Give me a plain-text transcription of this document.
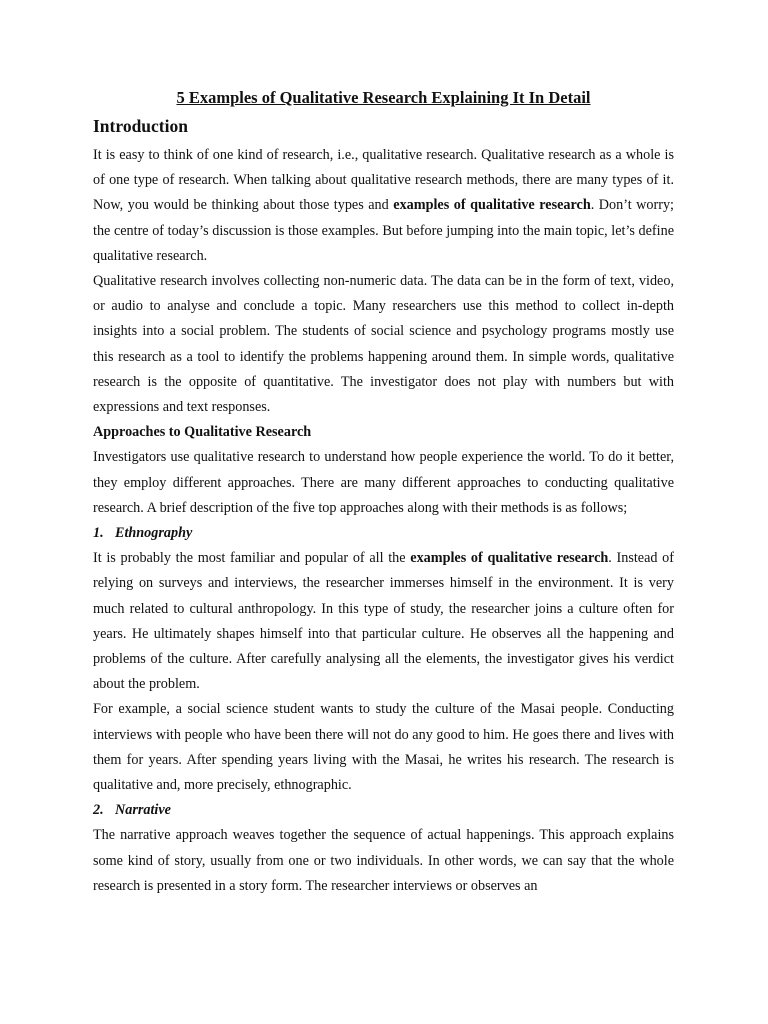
5 Examples of Qualitative Research Explaining It In Detail
Introduction

It is easy to think of one kind of research, i.e., qualitative research. Qualitative research as a whole is of one type of research. When talking about qualitative research methods, there are many types of it. Now, you would be thinking about those types and examples of qualitative research. Don’t worry; the centre of today’s discussion is those examples. But before jumping into the main topic, let’s define qualitative research.

Qualitative research involves collecting non-numeric data. The data can be in the form of text, video, or audio to analyse and conclude a topic. Many researchers use this method to collect in-depth insights into a social problem. The students of social science and psychology programs mostly use this research as a tool to identify the problems happening around them. In simple words, qualitative research is the opposite of quantitative. The investigator does not play with numbers but with expressions and text responses.

Approaches to Qualitative Research

Investigators use qualitative research to understand how people experience the world. To do it better, they employ different approaches. There are many different approaches to conducting qualitative research. A brief description of the five top approaches along with their methods is as follows;

1. Ethnography

It is probably the most familiar and popular of all the examples of qualitative research. Instead of relying on surveys and interviews, the researcher immerses himself in the environment. It is very much related to cultural anthropology. In this type of study, the researcher joins a culture often for years. He ultimately shapes himself into that particular culture. He observes all the happening and problems of the culture. After carefully analysing all the elements, the investigator gives his verdict about the problem.

For example, a social science student wants to study the culture of the Masai people. Conducting interviews with people who have been there will not do any good to him. He goes there and lives with them for years. After spending years living with the Masai, he writes his research. The research is qualitative and, more precisely, ethnographic.

2. Narrative

The narrative approach weaves together the sequence of actual happenings. This approach explains some kind of story, usually from one or two individuals. In other words, we can say that the whole research is presented in a story form. The researcher interviews or observes an
